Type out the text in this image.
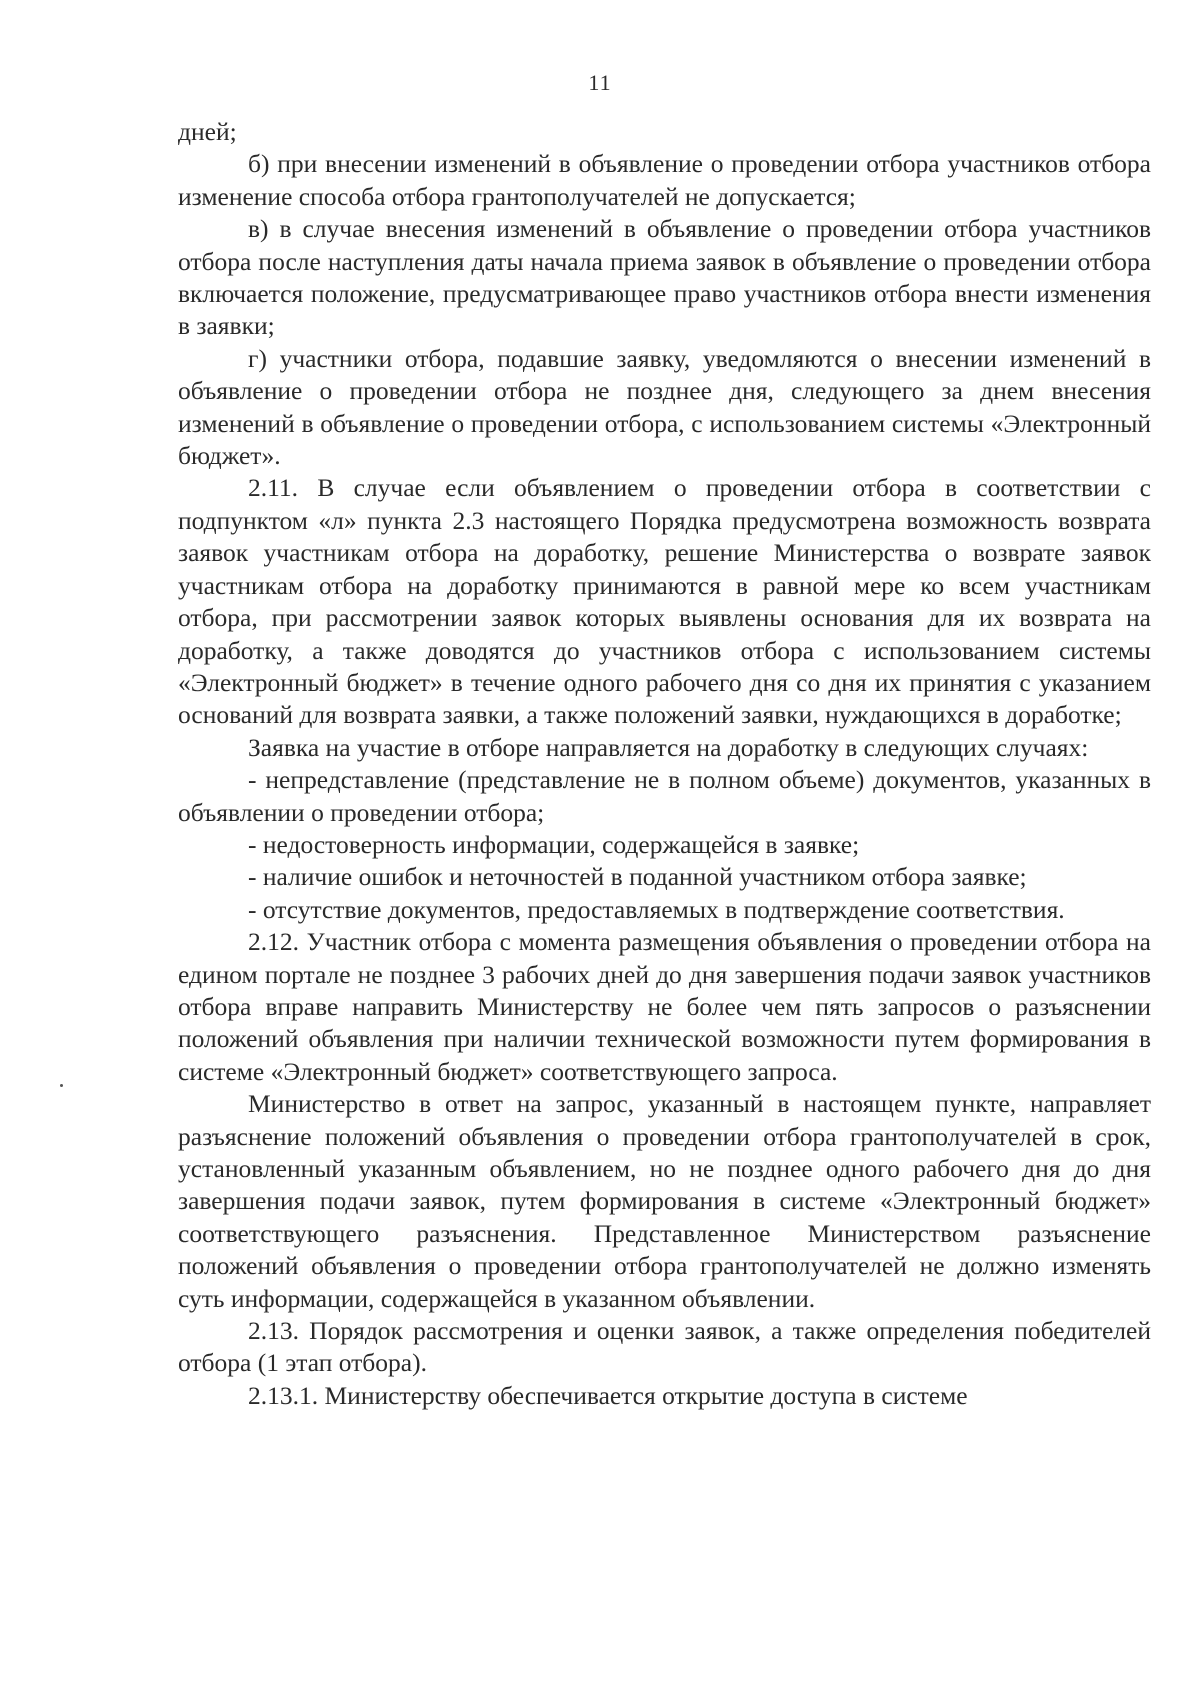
11

дней;

б) при внесении изменений в объявление о проведении отбора участников отбора изменение способа отбора грантополучателей не допускается;

в) в случае внесения изменений в объявление о проведении отбора участников отбора после наступления даты начала приема заявок в объявление о проведении отбора включается положение, предусматривающее право участников отбора внести изменения в заявки;

г) участники отбора, подавшие заявку, уведомляются о внесении изменений в объявление о проведении отбора не позднее дня, следующего за днем внесения изменений в объявление о проведении отбора, с использованием системы «Электронный бюджет».

2.11. В случае если объявлением о проведении отбора в соответствии с подпунктом «л» пункта 2.3 настоящего Порядка предусмотрена возможность возврата заявок участникам отбора на доработку, решение Министерства о возврате заявок участникам отбора на доработку принимаются в равной мере ко всем участникам отбора, при рассмотрении заявок которых выявлены основания для их возврата на доработку, а также доводятся до участников отбора с использованием системы «Электронный бюджет» в течение одного рабочего дня со дня их принятия с указанием оснований для возврата заявки, а также положений заявки, нуждающихся в доработке;

Заявка на участие в отборе направляется на доработку в следующих случаях:

- непредставление (представление не в полном объеме) документов, указанных в объявлении о проведении отбора;

- недостоверность информации, содержащейся в заявке;

- наличие ошибок и неточностей в поданной участником отбора заявке;

- отсутствие документов, предоставляемых в подтверждение соответствия.

2.12. Участник отбора с момента размещения объявления о проведении отбора на едином портале не позднее 3 рабочих дней до дня завершения подачи заявок участников отбора вправе направить Министерству не более чем пять запросов о разъяснении положений объявления при наличии технической возможности путем формирования в системе «Электронный бюджет» соответствующего запроса.

Министерство в ответ на запрос, указанный в настоящем пункте, направляет разъяснение положений объявления о проведении отбора грантополучателей в срок, установленный указанным объявлением, но не позднее одного рабочего дня до дня завершения подачи заявок, путем формирования в системе «Электронный бюджет» соответствующего разъяснения. Представленное Министерством разъяснение положений объявления о проведении отбора грантополучателей не должно изменять суть информации, содержащейся в указанном объявлении.

2.13. Порядок рассмотрения и оценки заявок, а также определения победителей отбора (1 этап отбора).

2.13.1. Министерству обеспечивается открытие доступа в системе
